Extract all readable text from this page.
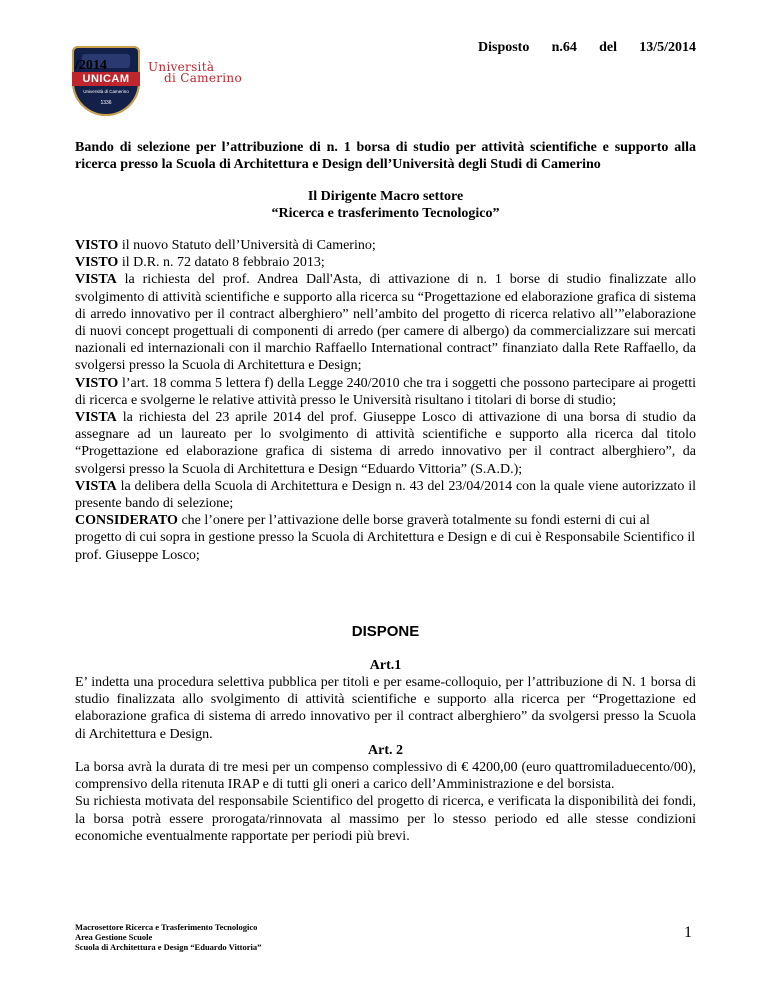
Disposto n.64 del 13/5/2014
UNICAM
Università di Camerino
1336
/2014	Università
di Camerino
Bando di selezione per l’attribuzione di n. 1 borsa di studio per attività scientifiche e supporto alla ricerca presso la Scuola di Architettura e Design dell’Università degli Studi di Camerino
Il Dirigente Macro settore
“Ricerca e trasferimento Tecnologico”
VISTO il nuovo Statuto dell’Università di Camerino;
VISTO il D.R. n. 72 datato 8 febbraio 2013;
VISTA la richiesta del prof. Andrea Dall'Asta, di attivazione di n. 1 borse di studio finalizzate allo svolgimento di attività scientifiche e supporto alla ricerca su “Progettazione ed elaborazione grafica di sistema di arredo innovativo per il contract alberghiero” nell’ambito del progetto di ricerca relativo all’”elaborazione di nuovi concept progettuali di componenti di arredo (per camere di albergo) da commercializzare sui mercati nazionali ed internazionali con il marchio Raffaello International contract” finanziato dalla Rete Raffaello, da svolgersi presso la Scuola di Architettura e Design;
VISTO l’art. 18 comma 5 lettera f) della Legge 240/2010 che tra i soggetti che possono partecipare ai progetti di ricerca e svolgerne le relative attività presso le Università risultano i titolari di borse di studio;
VISTA la richiesta del 23 aprile 2014 del prof. Giuseppe Losco di attivazione di una borsa di studio da assegnare ad un laureato per lo svolgimento di attività scientifiche e supporto alla ricerca dal titolo “Progettazione ed elaborazione grafica di sistema di arredo innovativo per il contract alberghiero”, da svolgersi presso la Scuola di Architettura e Design “Eduardo Vittoria” (S.A.D.);
VISTA la delibera della Scuola di Architettura e Design n. 43 del 23/04/2014 con la quale viene autorizzato il presente bando di selezione;
CONSIDERATO che l’onere per l’attivazione delle borse graverà totalmente su fondi esterni di cui al progetto di cui sopra in gestione presso la Scuola di Architettura e Design e di cui è Responsabile Scientifico il prof. Giuseppe Losco;
DISPONE
Art.1
E’ indetta una procedura selettiva pubblica per titoli e per esame-colloquio, per l’attribuzione di N. 1 borsa di studio finalizzata allo svolgimento di attività scientifiche e supporto alla ricerca per “Progettazione ed elaborazione grafica di sistema di arredo innovativo per il contract alberghiero” da svolgersi presso la Scuola di Architettura e Design.
Art. 2
La borsa avrà la durata di tre mesi per un compenso complessivo di € 4200,00 (euro quattromiladuecento/00), comprensivo della ritenuta IRAP e di tutti gli oneri a carico dell’Amministrazione e del borsista.
Su richiesta motivata del responsabile Scientifico del progetto di ricerca, e verificata la disponibilità dei fondi, la borsa potrà essere prorogata/rinnovata al massimo per lo stesso periodo ed alle stesse condizioni economiche eventualmente rapportate per periodi più brevi.
Macrosettore Ricerca e Trasferimento Tecnologico
Area Gestione Scuole
Scuola di Architettura e Design “Eduardo Vittoria”
1
